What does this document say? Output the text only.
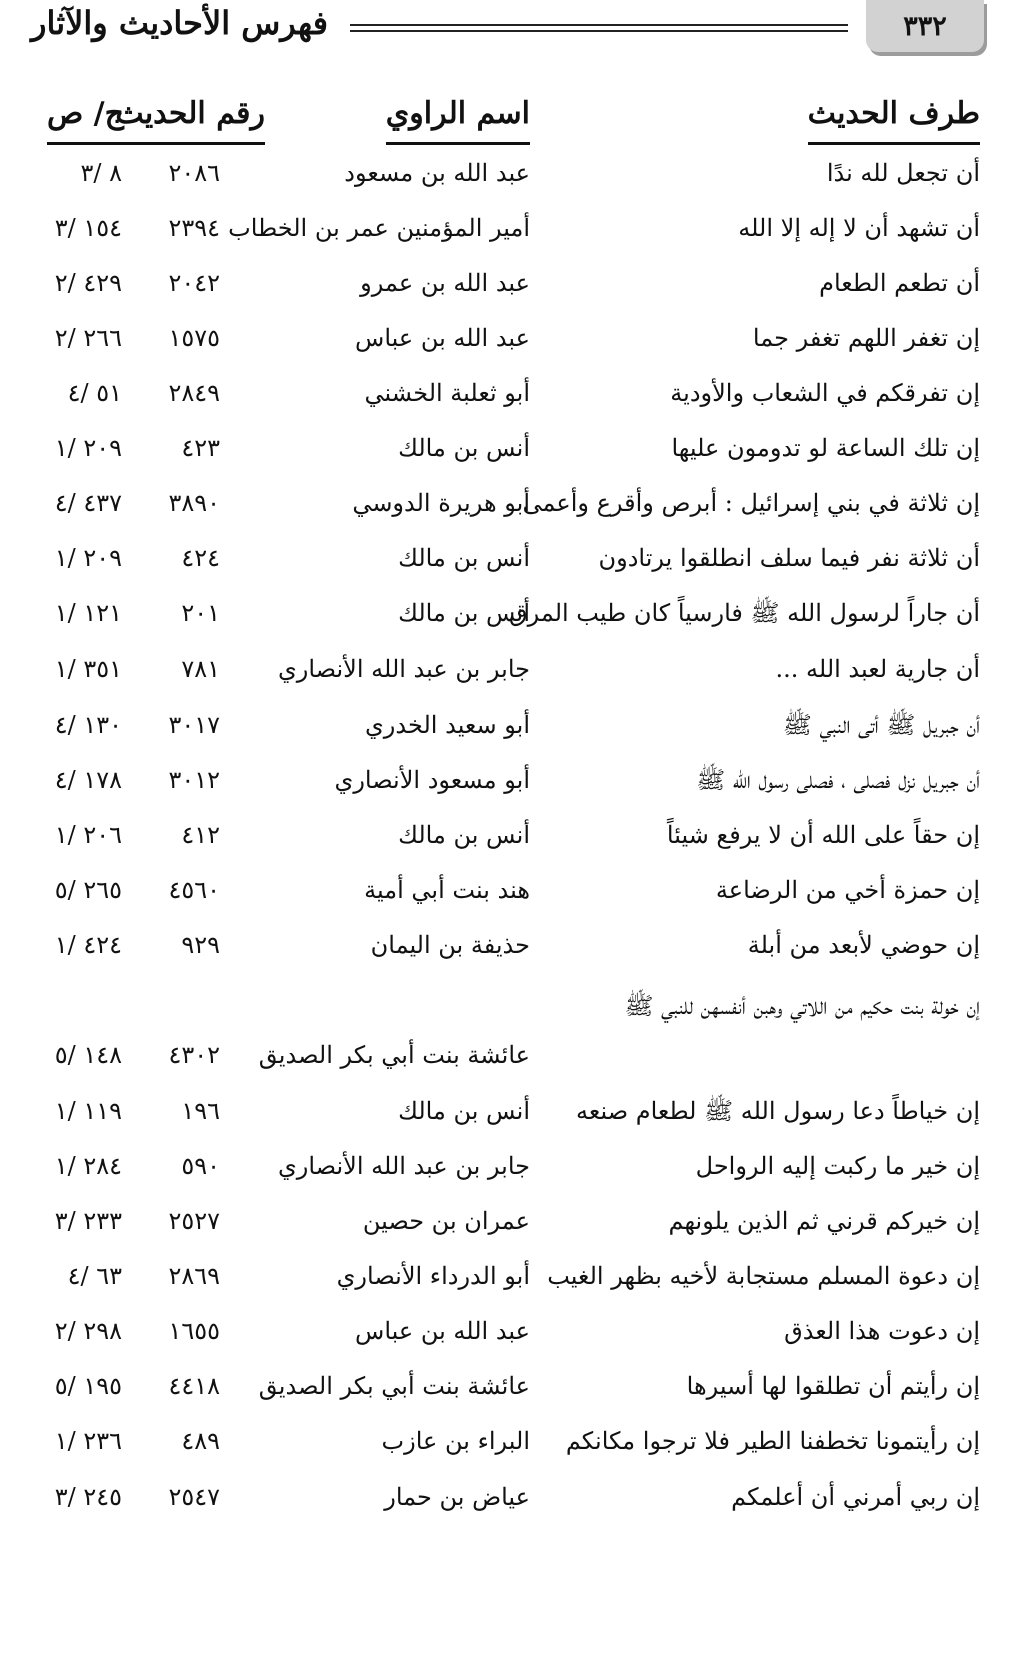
٣٣٢
فهرس الأحاديث والآثار
طرف الحديث
اسم الراوي
رقم الحديث
ج/ ص
أن تجعل لله ندًا
عبد الله بن مسعود
٢٠٨٦
٨ /٣
أن تشهد أن لا إله إلا الله
أمير المؤمنين عمر بن الخطاب
٢٣٩٤
١٥٤ /٣
أن تطعم الطعام
عبد الله بن عمرو
٢٠٤٢
٤٢٩ /٢
إن تغفر اللهم تغفر جما
عبد الله بن عباس
١٥٧٥
٢٦٦ /٢
إن تفرقكم في الشعاب والأودية
أبو ثعلبة الخشني
٢٨٤٩
٥١ /٤
إن تلك الساعة لو تدومون عليها
أنس بن مالك
٤٢٣
٢٠٩ /١
إن ثلاثة في بني إسرائيل : أبرص وأقرع وأعمى
أبو هريرة الدوسي
٣٨٩٠
٤٣٧ /٤
أن ثلاثة نفر فيما سلف انطلقوا يرتادون
أنس بن مالك
٤٢٤
٢٠٩ /١
أن جاراً لرسول الله ﷺ فارسياً كان طيب المرق
أنس بن مالك
٢٠١
١٢١ /١
أن جارية لعبد الله ...
جابر بن عبد الله الأنصاري
٧٨١
٣٥١ /١
أن جبريل ﷺ أتى النبي ﷺ
أبو سعيد الخدري
٣٠١٧
١٣٠ /٤
أن جبريل نزل فصلى ، فصلى رسول الله ﷺ
أبو مسعود الأنصاري
٣٠١٢
١٧٨ /٤
إن حقاً على الله أن لا يرفع شيئاً
أنس بن مالك
٤١٢
٢٠٦ /١
إن حمزة أخي من الرضاعة
هند بنت أبي أمية
٤٥٦٠
٢٦٥ /٥
إن حوضي لأبعد من أبلة
حذيفة بن اليمان
٩٢٩
٤٢٤ /١
إن خولة بنت حكيم من اللاتي وهبن أنفسهن للنبي ﷺ
عائشة بنت أبي بكر الصديق
٤٣٠٢
١٤٨ /٥
إن خياطاً دعا رسول الله ﷺ لطعام صنعه
أنس بن مالك
١٩٦
١١٩ /١
إن خير ما ركبت إليه الرواحل
جابر بن عبد الله الأنصاري
٥٩٠
٢٨٤ /١
إن خيركم قرني ثم الذين يلونهم
عمران بن حصين
٢٥٢٧
٢٣٣ /٣
إن دعوة المسلم مستجابة لأخيه بظهر الغيب
أبو الدرداء الأنصاري
٢٨٦٩
٦٣ /٤
إن دعوت هذا العذق
عبد الله بن عباس
١٦٥٥
٢٩٨ /٢
إن رأيتم أن تطلقوا لها أسيرها
عائشة بنت أبي بكر الصديق
٤٤١٨
١٩٥ /٥
إن رأيتمونا تخطفنا الطير فلا ترجوا مكانكم
البراء بن عازب
٤٨٩
٢٣٦ /١
إن ربي أمرني أن أعلمكم
عياض بن حمار
٢٥٤٧
٢٤٥ /٣
